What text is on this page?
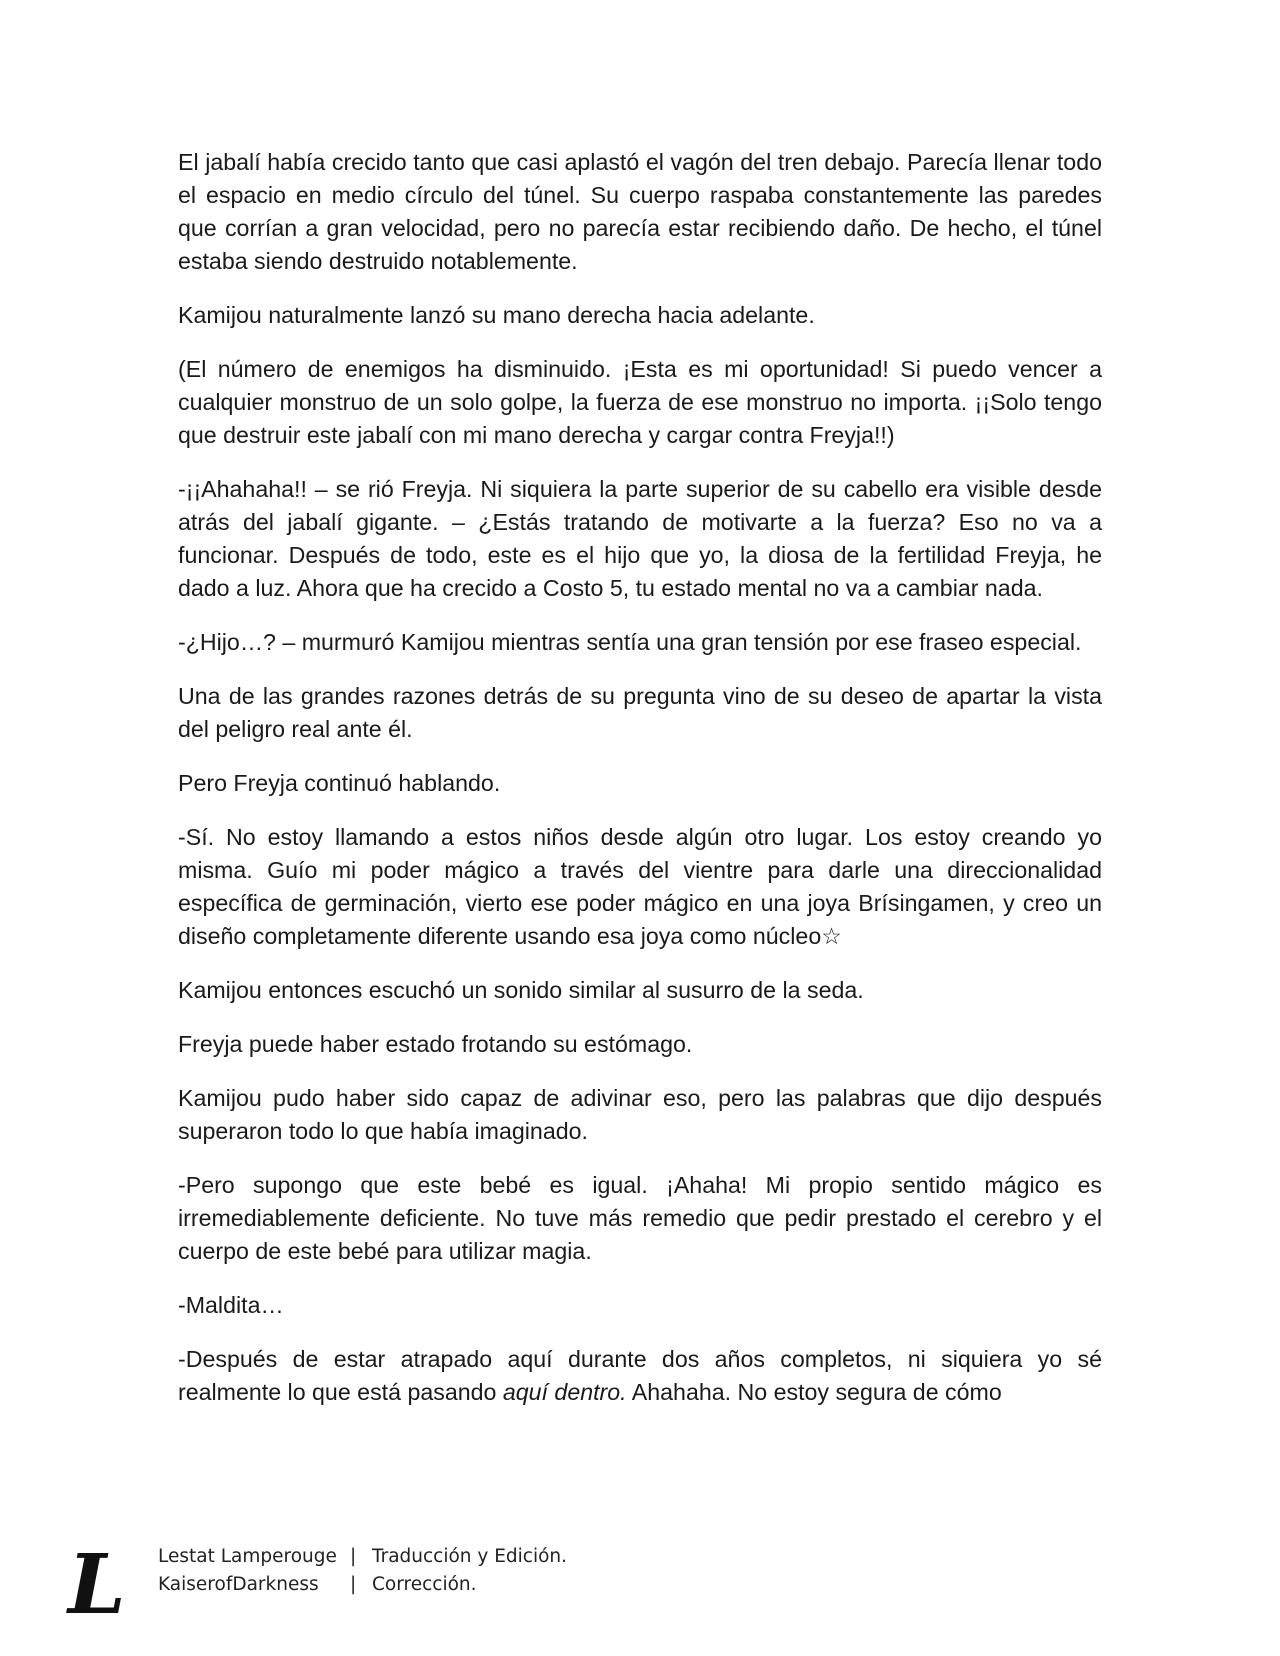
El jabalí había crecido tanto que casi aplastó el vagón del tren debajo. Parecía llenar todo el espacio en medio círculo del túnel. Su cuerpo raspaba constantemente las paredes que corrían a gran velocidad, pero no parecía estar recibiendo daño. De hecho, el túnel estaba siendo destruido notablemente.

Kamijou naturalmente lanzó su mano derecha hacia adelante.

(El número de enemigos ha disminuido. ¡Esta es mi oportunidad! Si puedo vencer a cualquier monstruo de un solo golpe, la fuerza de ese monstruo no importa. ¡¡Solo tengo que destruir este jabalí con mi mano derecha y cargar contra Freyja!!)

-¡¡Ahahaha!! – se rió Freyja. Ni siquiera la parte superior de su cabello era visible desde atrás del jabalí gigante. – ¿Estás tratando de motivarte a la fuerza? Eso no va a funcionar. Después de todo, este es el hijo que yo, la diosa de la fertilidad Freyja, he dado a luz. Ahora que ha crecido a Costo 5, tu estado mental no va a cambiar nada.

-¿Hijo…? – murmuró Kamijou mientras sentía una gran tensión por ese fraseo especial.

Una de las grandes razones detrás de su pregunta vino de su deseo de apartar la vista del peligro real ante él.

Pero Freyja continuó hablando.

-Sí. No estoy llamando a estos niños desde algún otro lugar. Los estoy creando yo misma. Guío mi poder mágico a través del vientre para darle una direccionalidad específica de germinación, vierto ese poder mágico en una joya Brísingamen, y creo un diseño completamente diferente usando esa joya como núcleo☆

Kamijou entonces escuchó un sonido similar al susurro de la seda.

Freyja puede haber estado frotando su estómago.

Kamijou pudo haber sido capaz de adivinar eso, pero las palabras que dijo después superaron todo lo que había imaginado.

-Pero supongo que este bebé es igual. ¡Ahaha! Mi propio sentido mágico es irremediablemente deficiente. No tuve más remedio que pedir prestado el cerebro y el cuerpo de este bebé para utilizar magia.

-Maldita…

-Después de estar atrapado aquí durante dos años completos, ni siquiera yo sé realmente lo que está pasando aquí dentro. Ahahaha. No estoy segura de cómo

L Lestat Lamperouge | Traducción y Edición.
KaiserofDarkness	| Corrección.
